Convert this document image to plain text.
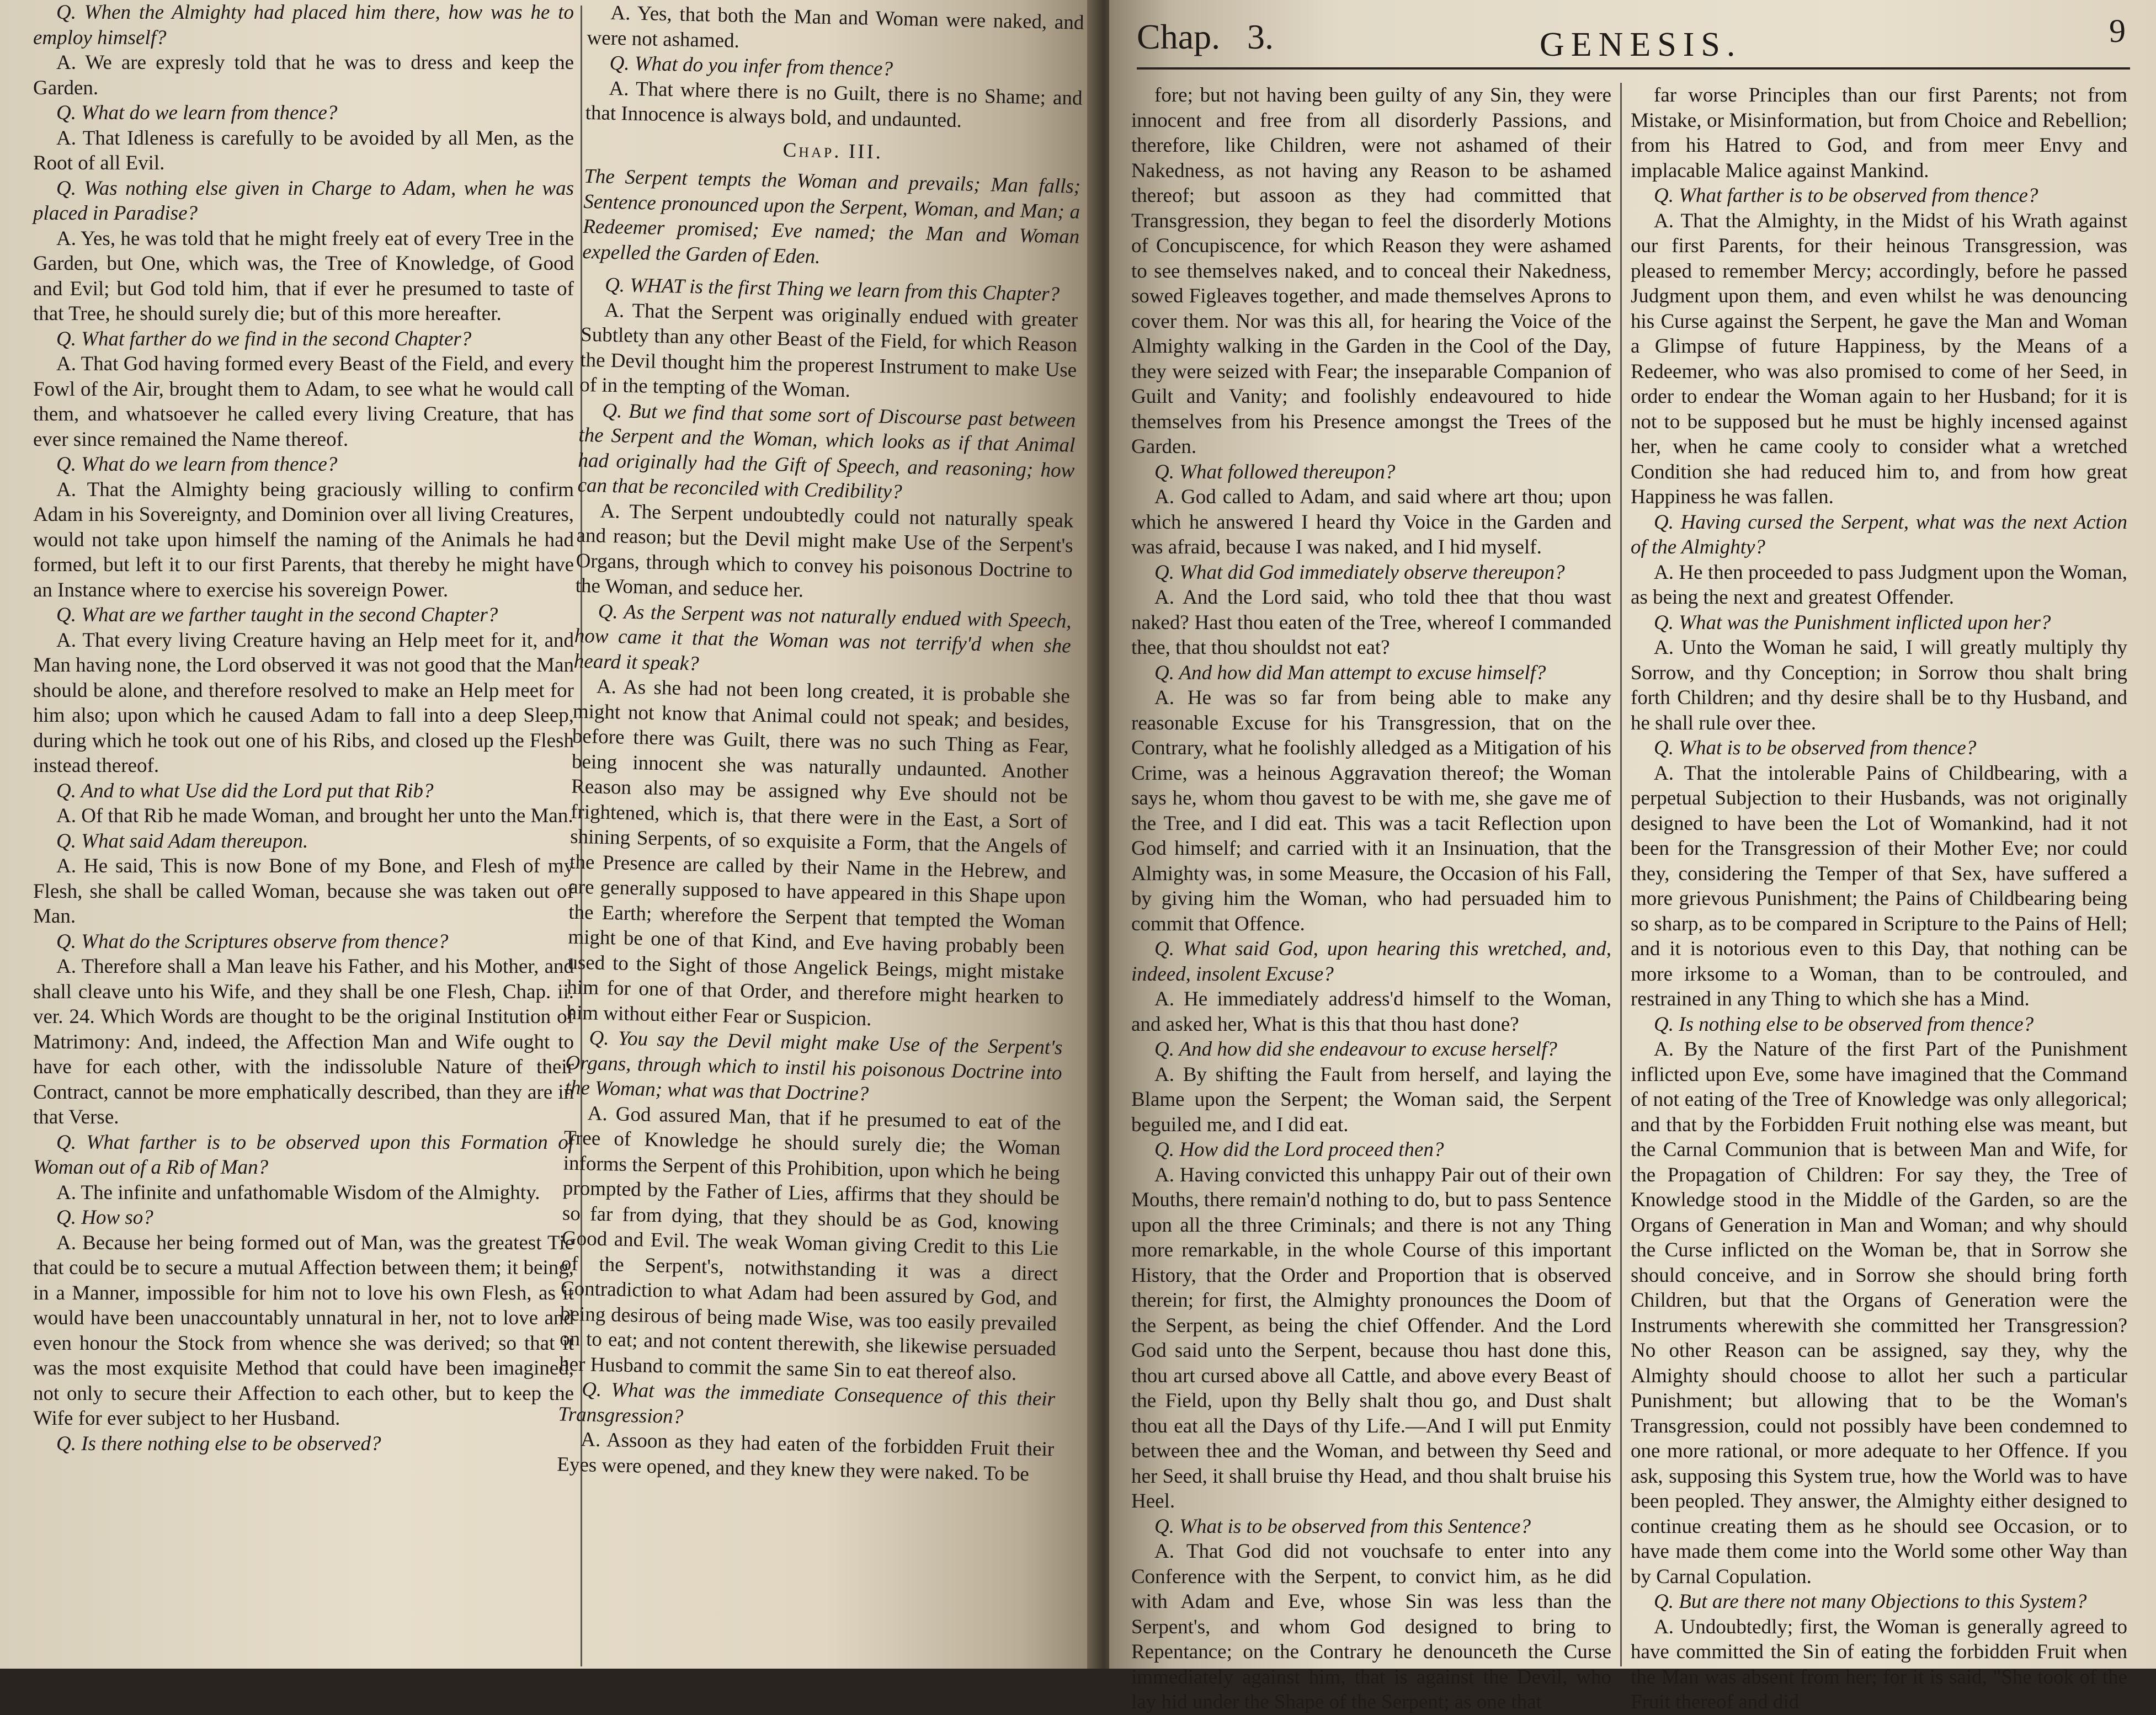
Q. When the Almighty had placed him there, how was he to employ himself?

A. We are expresly told that he was to dress and keep the Garden.

Q. What do we learn from thence?

A. That Idleness is carefully to be avoided by all Men, as the Root of all Evil.

Q. Was nothing else given in Charge to Adam, when he was placed in Paradise?

A. Yes, he was told that he might freely eat of every Tree in the Garden, but One, which was, the Tree of Knowledge, of Good and Evil; but God told him, that if ever he presumed to taste of that Tree, he should surely die; but of this more hereafter.

Q. What farther do we find in the second Chapter?

A. That God having formed every Beast of the Field, and every Fowl of the Air, brought them to Adam, to see what he would call them, and whatsoever he called every living Creature, that has ever since remained the Name thereof.

Q. What do we learn from thence?

A. That the Almighty being graciously willing to confirm Adam in his Sovereignty, and Dominion over all living Creatures, would not take upon himself the naming of the Animals he had formed, but left it to our first Parents, that thereby he might have an Instance where to exercise his sovereign Power.

Q. What are we farther taught in the second Chapter?

A. That every living Creature having an Help meet for it, and Man having none, the Lord observed it was not good that the Man should be alone, and therefore resolved to make an Help meet for him also; upon which he caused Adam to fall into a deep Sleep, during which he took out one of his Ribs, and closed up the Flesh instead thereof.

Q. And to what Use did the Lord put that Rib?

A. Of that Rib he made Woman, and brought her unto the Man.

Q. What said Adam thereupon.

A. He said, This is now Bone of my Bone, and Flesh of my Flesh, she shall be called Woman, because she was taken out of Man.

Q. What do the Scriptures observe from thence?

A. Therefore shall a Man leave his Father, and his Mother, and shall cleave unto his Wife, and they shall be one Flesh, Chap. ii. ver. 24. Which Words are thought to be the original Institution of Matrimony: And, indeed, the Affection Man and Wife ought to have for each other, with the indissoluble Nature of their Contract, cannot be more emphatically described, than they are in that Verse.

Q. What farther is to be observed upon this Formation of Woman out of a Rib of Man?

A. The infinite and unfathomable Wisdom of the Almighty.

Q. How so?

A. Because her being formed out of Man, was the greatest Tie that could be to secure a mutual Affection between them; it being, in a Manner, impossible for him not to love his own Flesh, as it would have been unaccountably unnatural in her, not to love and even honour the Stock from whence she was derived; so that it was the most exquisite Method that could have been imagined, not only to secure their Affection to each other, but to keep the Wife for ever subject to her Husband.

Q. Is there nothing else to be observed?

A. Yes, that both the Man and Woman were naked, and were not ashamed.

Q. What do you infer from thence?

A. That where there is no Guilt, there is no Shame; and that Innocence is always bold, and undaunted.

Chap. III.

The Serpent tempts the Woman and prevails; Man falls; Sentence pronounced upon the Serpent, Woman, and Man; a Redeemer promised; Eve named; the Man and Woman expelled the Garden of Eden.

Q. WHAT is the first Thing we learn from this Chapter?

A. That the Serpent was originally endued with greater Subtlety than any other Beast of the Field, for which Reason the Devil thought him the properest Instrument to make Use of in the tempting of the Woman.

Q. But we find that some sort of Discourse past between the Serpent and the Woman, which looks as if that Animal had originally had the Gift of Speech, and reasoning; how can that be reconciled with Credibility?

A. The Serpent undoubtedly could not naturally speak and reason; but the Devil might make Use of the Serpent's Organs, through which to convey his poisonous Doctrine to the Woman, and seduce her.

Q. As the Serpent was not naturally endued with Speech, how came it that the Woman was not terrify'd when she heard it speak?

A. As she had not been long created, it is probable she might not know that Animal could not speak; and besides, before there was Guilt, there was no such Thing as Fear, being innocent she was naturally undaunted. Another Reason also may be assigned why Eve should not be frightened, which is, that there were in the East, a Sort of shining Serpents, of so exquisite a Form, that the Angels of the Presence are called by their Name in the Hebrew, and are generally supposed to have appeared in this Shape upon the Earth; wherefore the Serpent that tempted the Woman might be one of that Kind, and Eve having probably been used to the Sight of those Angelick Beings, might mistake him for one of that Order, and therefore might hearken to him without either Fear or Suspicion.

Q. You say the Devil might make Use of the Serpent's Organs, through which to instil his poisonous Doctrine into the Woman; what was that Doctrine?

A. God assured Man, that if he presumed to eat of the Tree of Knowledge he should surely die; the Woman informs the Serpent of this Prohibition, upon which he being prompted by the Father of Lies, affirms that they should be so far from dying, that they should be as God, knowing Good and Evil. The weak Woman giving Credit to this Lie of the Serpent's, notwithstanding it was a direct Contradiction to what Adam had been assured by God, and being desirous of being made Wise, was too easily prevailed on to eat; and not content therewith, she likewise persuaded her Husband to commit the same Sin to eat thereof also.

Q. What was the immediate Consequence of this their Transgression?

A. Assoon as they had eaten of the forbidden Fruit their Eyes were opened, and they knew they were naked. To be

Chap. 3.	GENESIS.	9

fore; but not having been guilty of any Sin, they were innocent and free from all disorderly Passions, and therefore, like Children, were not ashamed of their Nakedness, as not having any Reason to be ashamed thereof; but assoon as they had committed that Transgression, they began to feel the disorderly Motions of Concupiscence, for which Reason they were ashamed to see themselves naked, and to conceal their Nakedness, sowed Figleaves together, and made themselves Aprons to cover them. Nor was this all, for hearing the Voice of the Almighty walking in the Garden in the Cool of the Day, they were seized with Fear; the inseparable Companion of Guilt and Vanity; and foolishly endeavoured to hide themselves from his Presence amongst the Trees of the Garden.

Q. What followed thereupon?

A. God called to Adam, and said where art thou; upon which he answered I heard thy Voice in the Garden and was afraid, because I was naked, and I hid myself.

Q. What did God immediately observe thereupon?

A. And the Lord said, who told thee that thou wast naked? Hast thou eaten of the Tree, whereof I commanded thee, that thou shouldst not eat?

Q. And how did Man attempt to excuse himself?

A. He was so far from being able to make any reasonable Excuse for his Transgression, that on the Contrary, what he foolishly alledged as a Mitigation of his Crime, was a heinous Aggravation thereof; the Woman says he, whom thou gavest to be with me, she gave me of the Tree, and I did eat. This was a tacit Reflection upon God himself; and carried with it an Insinuation, that the Almighty was, in some Measure, the Occasion of his Fall, by giving him the Woman, who had persuaded him to commit that Offence.

Q. What said God, upon hearing this wretched, and, indeed, insolent Excuse?

A. He immediately address'd himself to the Woman, and asked her, What is this that thou hast done?

Q. And how did she endeavour to excuse herself?

A. By shifting the Fault from herself, and laying the Blame upon the Serpent; the Woman said, the Serpent beguiled me, and I did eat.

Q. How did the Lord proceed then?

A. Having convicted this unhappy Pair out of their own Mouths, there remain'd nothing to do, but to pass Sentence upon all the three Criminals; and there is not any Thing more remarkable, in the whole Course of this important History, that the Order and Proportion that is observed therein; for first, the Almighty pronounces the Doom of the Serpent, as being the chief Offender. And the Lord God said unto the Serpent, because thou hast done this, thou art cursed above all Cattle, and above every Beast of the Field, upon thy Belly shalt thou go, and Dust shalt thou eat all the Days of thy Life.—And I will put Enmity between thee and the Woman, and between thy Seed and her Seed, it shall bruise thy Head, and thou shalt bruise his Heel.

Q. What is to be observed from this Sentence?

A. That God did not vouchsafe to enter into any Conference with the Serpent, to convict him, as he did with Adam and Eve, whose Sin was less than the Serpent's, and whom God designed to bring to Repentance; on the Contrary he denounceth the Curse immediately against him, that is against the Devil, who lay hid under the Shape of the Serpent; as one that

far worse Principles than our first Parents; not from Mistake, or Misinformation, but from Choice and Rebellion; from his Hatred to God, and from meer Envy and implacable Malice against Mankind.

Q. What farther is to be observed from thence?

A. That the Almighty, in the Midst of his Wrath against our first Parents, for their heinous Transgression, was pleased to remember Mercy; accordingly, before he passed Judgment upon them, and even whilst he was denouncing his Curse against the Serpent, he gave the Man and Woman a Glimpse of future Happiness, by the Means of a Redeemer, who was also promised to come of her Seed, in order to endear the Woman again to her Husband; for it is not to be supposed but he must be highly incensed against her, when he came cooly to consider what a wretched Condition she had reduced him to, and from how great Happiness he was fallen.

Q. Having cursed the Serpent, what was the next Action of the Almighty?

A. He then proceeded to pass Judgment upon the Woman, as being the next and greatest Offender.

Q. What was the Punishment inflicted upon her?

A. Unto the Woman he said, I will greatly multiply thy Sorrow, and thy Conception; in Sorrow thou shalt bring forth Children; and thy desire shall be to thy Husband, and he shall rule over thee.

Q. What is to be observed from thence?

A. That the intolerable Pains of Childbearing, with a perpetual Subjection to their Husbands, was not originally designed to have been the Lot of Womankind, had it not been for the Transgression of their Mother Eve; nor could they, considering the Temper of that Sex, have suffered a more grievous Punishment; the Pains of Childbearing being so sharp, as to be compared in Scripture to the Pains of Hell; and it is notorious even to this Day, that nothing can be more irksome to a Woman, than to be controuled, and restrained in any Thing to which she has a Mind.

Q. Is nothing else to be observed from thence?

A. By the Nature of the first Part of the Punishment inflicted upon Eve, some have imagined that the Command of not eating of the Tree of Knowledge was only allegorical; and that by the Forbidden Fruit nothing else was meant, but the Carnal Communion that is between Man and Wife, for the Propagation of Children: For say they, the Tree of Knowledge stood in the Middle of the Garden, so are the Organs of Generation in Man and Woman; and why should the Curse inflicted on the Woman be, that in Sorrow she should conceive, and in Sorrow she should bring forth Children, but that the Organs of Generation were the Instruments wherewith she committed her Transgression? No other Reason can be assigned, say they, why the Almighty should choose to allot her such a particular Punishment; but allowing that to be the Woman's Transgression, could not possibly have been condemned to one more rational, or more adequate to her Offence. If you ask, supposing this System true, how the World was to have been peopled. They answer, the Almighty either designed to continue creating them as he should see Occasion, or to have made them come into the World some other Way than by Carnal Copulation.

Q. But are there not many Objections to this System?

A. Undoubtedly; first, the Woman is generally agreed to have committed the Sin of eating the forbidden Fruit when the Man was absent from her; for it is said, "She took of the Fruit thereof and did
